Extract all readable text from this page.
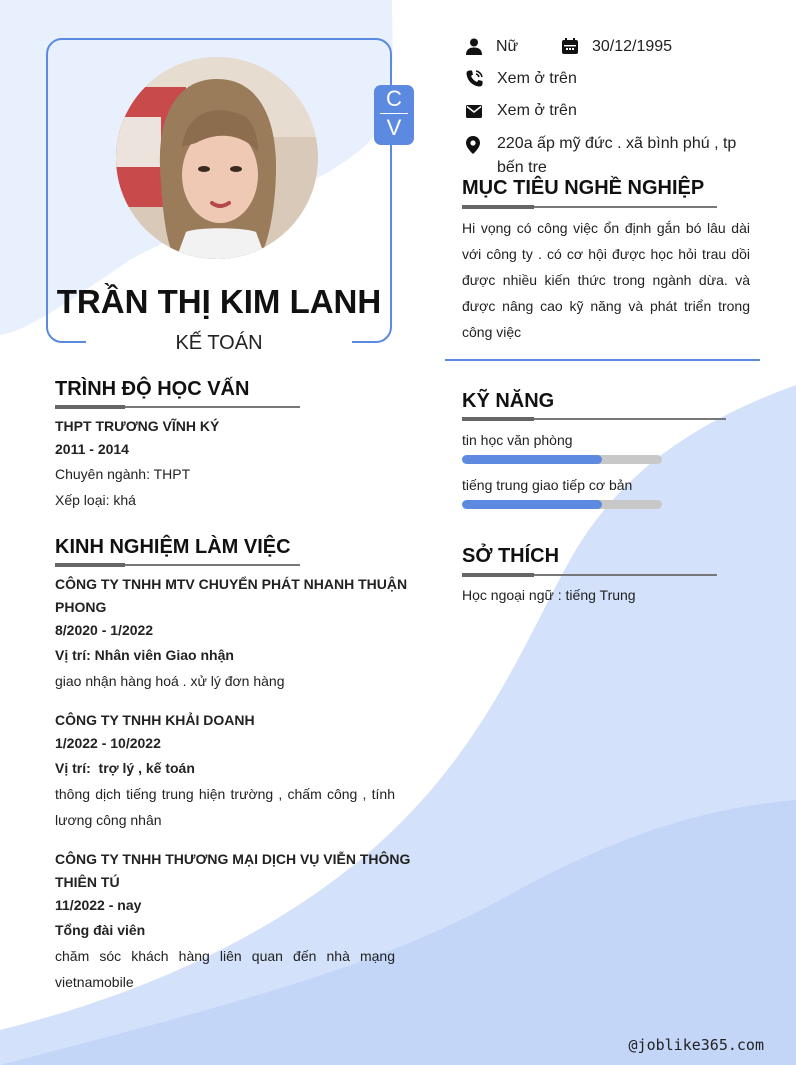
C
V
TRẦN THỊ KIM LANH
KẾ TOÁN
Nữ	30/12/1995
Xem ở trên
Xem ở trên
220a ấp mỹ đức . xã bình phú , tp
bến tre
MỤC TIÊU NGHỀ NGHIỆP
Hi vọng có công việc ổn định gắn bó lâu dài với công ty . có cơ hội được học hỏi trau dồi được nhiều kiến thức trong ngành dừa. và được nâng cao kỹ năng và phát triển trong công việc
KỸ NĂNG
tin học văn phòng
tiếng trung giao tiếp cơ bản
SỞ THÍCH
Học ngoại ngữ : tiếng Trung
TRÌNH ĐỘ HỌC VẤN
THPT TRƯƠNG VĨNH KÝ
2011 - 2014
Chuyên ngành: THPT
Xếp loại: khá
KINH NGHIỆM LÀM VIỆC
CÔNG TY TNHH MTV CHUYỂN PHÁT NHANH THUẬN
PHONG
8/2020 - 1/2022
Vị trí: Nhân viên Giao nhận
giao nhận hàng hoá . xử lý đơn hàng
CÔNG TY TNHH KHẢI DOANH
1/2022 - 10/2022
Vị trí:  trợ lý , kế toán
thông dịch tiếng trung hiện trường , chấm công , tính lương công nhân
CÔNG TY TNHH THƯƠNG MẠI DỊCH VỤ VIỄN THÔNG
THIÊN TÚ
11/2022 - nay
Tổng đài viên
chăm sóc khách hàng liên quan đến nhà mạng vietnamobile
@joblike365.com
